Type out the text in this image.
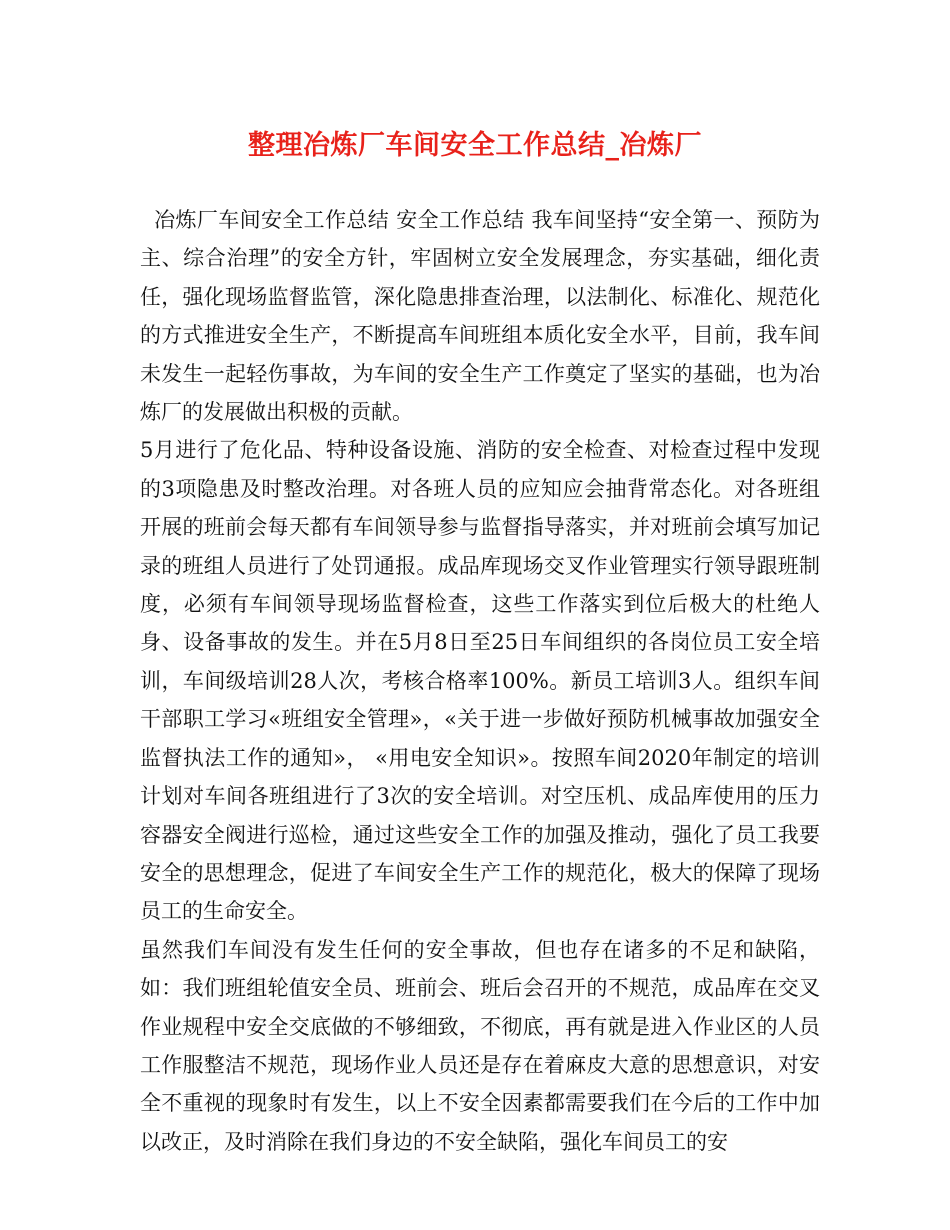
整理冶炼厂车间安全工作总结_冶炼厂

冶炼厂车间安全工作总结 安全工作总结 我车间坚持“安全第一、预防为主、综合治理”的安全方针，牢固树立安全发展理念，夯实基础，细化责任，强化现场监督监管，深化隐患排查治理，以法制化、标准化、规范化的方式推进安全生产，不断提高车间班组本质化安全水平，目前，我车间未发生一起轻伤事故，为车间的安全生产工作奠定了坚实的基础，也为冶炼厂的发展做出积极的贡献。

5月进行了危化品、特种设备设施、消防的安全检查、对检查过程中发现的3项隐患及时整改治理。对各班人员的应知应会抽背常态化。对各班组开展的班前会每天都有车间领导参与监督指导落实，并对班前会填写加记录的班组人员进行了处罚通报。成品库现场交叉作业管理实行领导跟班制度，必须有车间领导现场监督检查，这些工作落实到位后极大的杜绝人身、设备事故的发生。并在5月8日至25日车间组织的各岗位员工安全培训，车间级培训28人次，考核合格率100%。新员工培训3人。组织车间干部职工学习«班组安全管理»，«关于进一步做好预防机械事故加强安全监督执法工作的通知»， «用电安全知识»。按照车间2020年制定的培训计划对车间各班组进行了3次的安全培训。对空压机、成品库使用的压力容器安全阀进行巡检，通过这些安全工作的加强及推动，强化了员工我要安全的思想理念，促进了车间安全生产工作的规范化，极大的保障了现场员工的生命安全。

虽然我们车间没有发生任何的安全事故，但也存在诸多的不足和缺陷，如：我们班组轮值安全员、班前会、班后会召开的不规范，成品库在交叉作业规程中安全交底做的不够细致，不彻底，再有就是进入作业区的人员工作服整洁不规范，现场作业人员还是存在着麻皮大意的思想意识，对安全不重视的现象时有发生，以上不安全因素都需要我们在今后的工作中加以改正，及时消除在我们身边的不安全缺陷，强化车间员工的安
